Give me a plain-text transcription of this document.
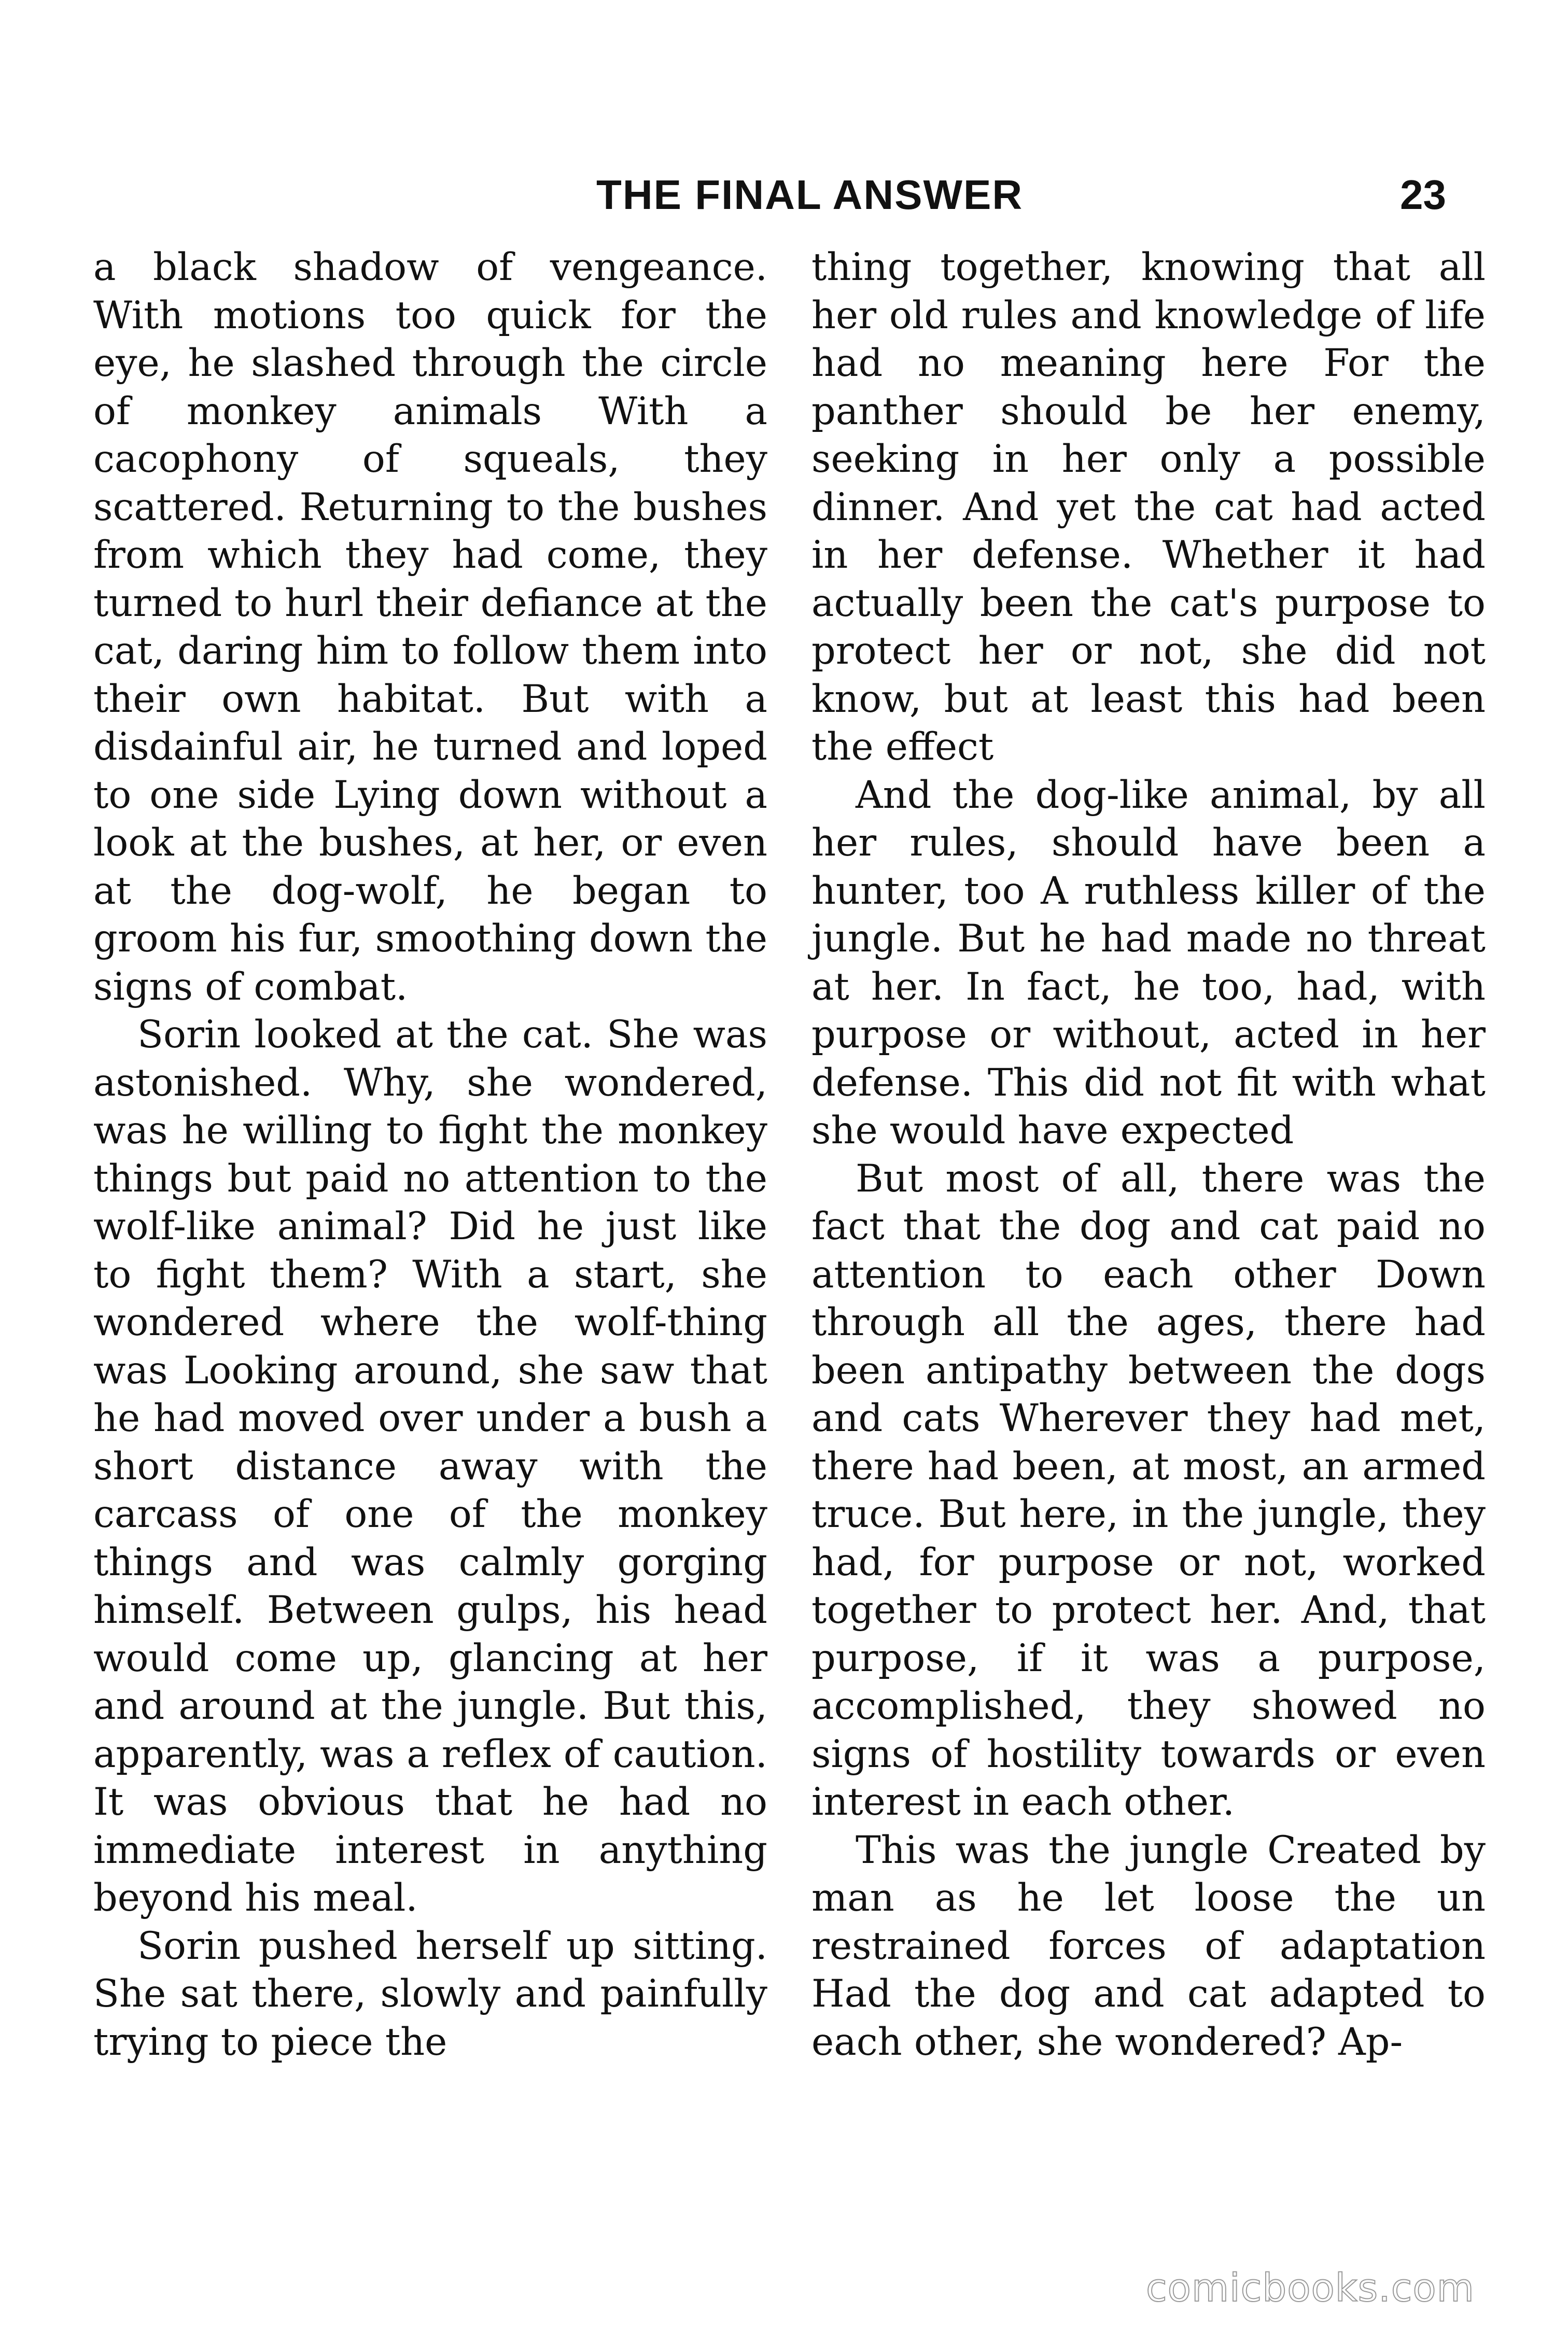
THE FINAL ANSWER	23

a black shadow of vengeance. With motions too quick for the eye, he slashed through the circle of monkey animals With a cacophony of squeals, they scattered. Returning to the bushes from which they had come, they turned to hurl their defiance at the cat, daring him to follow them into their own habitat. But with a disdainful air, he turned and loped to one side Lying down without a look at the bushes, at her, or even at the dog-wolf, he began to groom his fur, smoothing down the signs of combat.

Sorin looked at the cat. She was astonished. Why, she wondered, was he willing to fight the monkey things but paid no attention to the wolf-like animal? Did he just like to fight them? With a start, she wondered where the wolf-thing was Looking around, she saw that he had moved over under a bush a short distance away with the carcass of one of the monkey things and was calmly gorging himself. Between gulps, his head would come up, glancing at her and around at the jungle. But this, apparently, was a reflex of caution. It was obvious that he had no immediate interest in anything beyond his meal.

Sorin pushed herself up sitting. She sat there, slowly and painfully trying to piece the

thing together, knowing that all her old rules and knowledge of life had no meaning here For the panther should be her enemy, seeking in her only a possible dinner. And yet the cat had acted in her defense. Whether it had actually been the cat's purpose to protect her or not, she did not know, but at least this had been the effect

And the dog-like animal, by all her rules, should have been a hunter, too A ruthless killer of the jungle. But he had made no threat at her. In fact, he too, had, with purpose or without, acted in her defense. This did not fit with what she would have expected

But most of all, there was the fact that the dog and cat paid no attention to each other Down through all the ages, there had been antipathy between the dogs and cats Wherever they had met, there had been, at most, an armed truce. But here, in the jungle, they had, for purpose or not, worked together to protect her. And, that purpose, if it was a purpose, accomplished, they showed no signs of hostility towards or even interest in each other.

This was the jungle Created by man as he let loose the un restrained forces of adaptation Had the dog and cat adapted to each other, she wondered? Ap-

comicbooks.com
